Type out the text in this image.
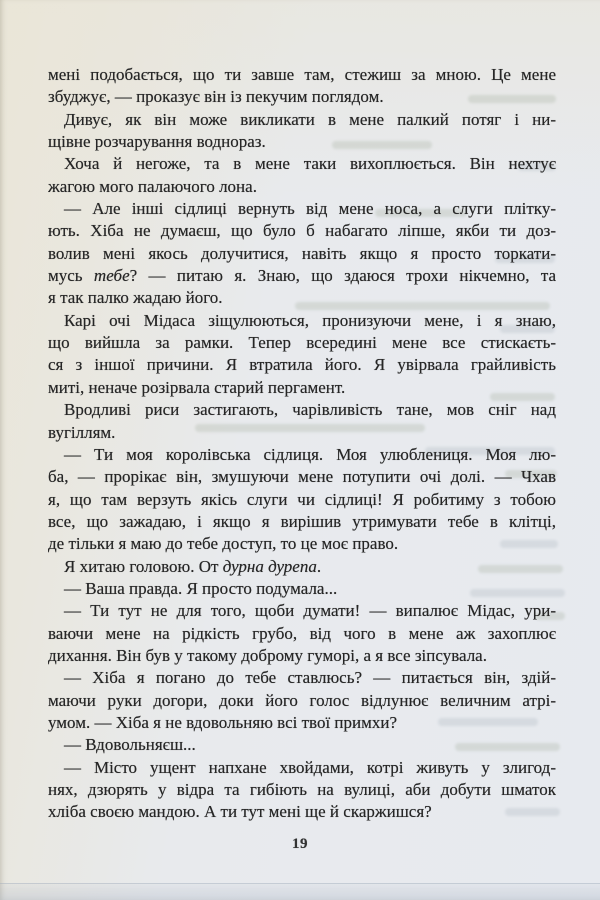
мені подобається, що ти завше там, стежиш за мною. Це мене
збуджує, — проказує він із пекучим поглядом.
Дивує, як він може викликати в мене палкий потяг і ни-
щівне розчарування воднораз.
Хоча й негоже, та в мене таки вихоплюється. Він нехтує
жагою мого палаючого лона.
— Але інші сідлиці вернуть від мене носа, а слуги плітку-
ють. Хіба не думаєш, що було б набагато ліпше, якби ти доз-
волив мені якось долучитися, навіть якщо я просто торкати-
мусь тебе? — питаю я. Знаю, що здаюся трохи нікчемно, та
я так палко жадаю його.
Карі очі Мідаса зіщулюються, пронизуючи мене, і я знаю,
що вийшла за рамки. Тепер всередині мене все стискаєть-
ся з іншої причини. Я втратила його. Я увірвала грайливість
миті, неначе розірвала старий пергамент.
Вродливі риси застигають, чарівливість тане, мов сніг над
вугіллям.
— Ти моя королівська сідлиця. Моя улюблениця. Моя лю-
ба, — прорікає він, змушуючи мене потупити очі долі. — Чхав
я, що там верзуть якісь слуги чи сідлиці! Я робитиму з тобою
все, що зажадаю, і якщо я вирішив утримувати тебе в клітці,
де тільки я маю до тебе доступ, то це моє право.
Я хитаю головою. От дурна дурепа.
— Ваша правда. Я просто подумала...
— Ти тут не для того, щоби думати! — випалює Мідас, ури-
ваючи мене на рідкість грубо, від чого в мене аж захоплює
дихання. Він був у такому доброму гуморі, а я все зіпсувала.
— Хіба я погано до тебе ставлюсь? — питається він, здій-
маючи руки догори, доки його голос відлунює величним атрі-
умом. — Хіба я не вдовольняю всі твої примхи?
— Вдовольняєш...
— Місто ущент напхане хвойдами, котрі живуть у злигод-
нях, дзюрять у відра та гибіють на вулиці, аби добути шматок
хліба своєю мандою. А ти тут мені ще й скаржишся?
19
